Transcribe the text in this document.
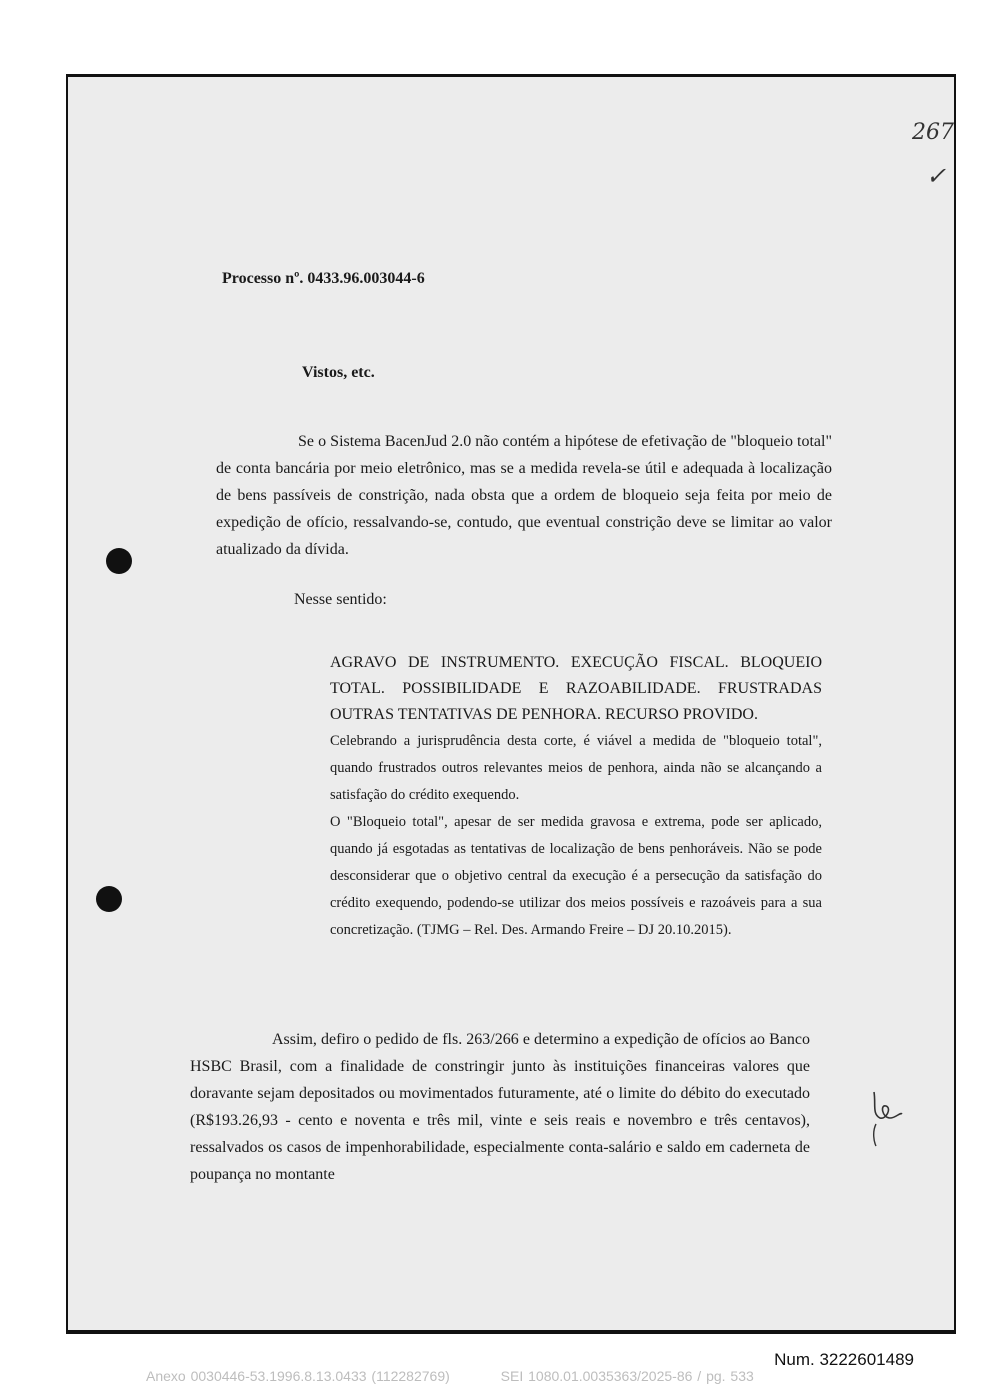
267
✓
Processo nº. 0433.96.003044-6
Vistos, etc.
Se o Sistema BacenJud 2.0 não contém a hipótese de efetivação de "bloqueio total" de conta bancária por meio eletrônico, mas se a medida revela-se útil e adequada à localização de bens passíveis de constrição, nada obsta que a ordem de bloqueio seja feita por meio de expedição de ofício, ressalvando-se, contudo, que eventual constrição deve se limitar ao valor atualizado da dívida.
Nesse sentido:
AGRAVO DE INSTRUMENTO. EXECUÇÃO FISCAL. BLOQUEIO TOTAL. POSSIBILIDADE E RAZOABILIDADE. FRUSTRADAS OUTRAS TENTATIVAS DE PENHORA. RECURSO PROVIDO.
Celebrando a jurisprudência desta corte, é viável a medida de "bloqueio total", quando frustrados outros relevantes meios de penhora, ainda não se alcançando a satisfação do crédito exequendo.
O "Bloqueio total", apesar de ser medida gravosa e extrema, pode ser aplicado, quando já esgotadas as tentativas de localização de bens penhoráveis. Não se pode desconsiderar que o objetivo central da execução é a persecução da satisfação do crédito exequendo, podendo-se utilizar dos meios possíveis e razoáveis para a sua concretização. (TJMG – Rel. Des. Armando Freire – DJ 20.10.2015).
Assim, defiro o pedido de fls. 263/266 e determino a expedição de ofícios ao Banco HSBC Brasil, com a finalidade de constringir junto às instituições financeiras valores que doravante sejam depositados ou movimentados futuramente, até o limite do débito do executado (R$193.26,93 - cento e noventa e três mil, vinte e seis reais e novembro e três centavos), ressalvados os casos de impenhorabilidade, especialmente conta-salário e saldo em caderneta de poupança no montante
Num. 3222601489
Anexo 0030446-53.1996.8.13.0433 (112282769)	SEI 1080.01.0035363/2025-86 / pg. 533
